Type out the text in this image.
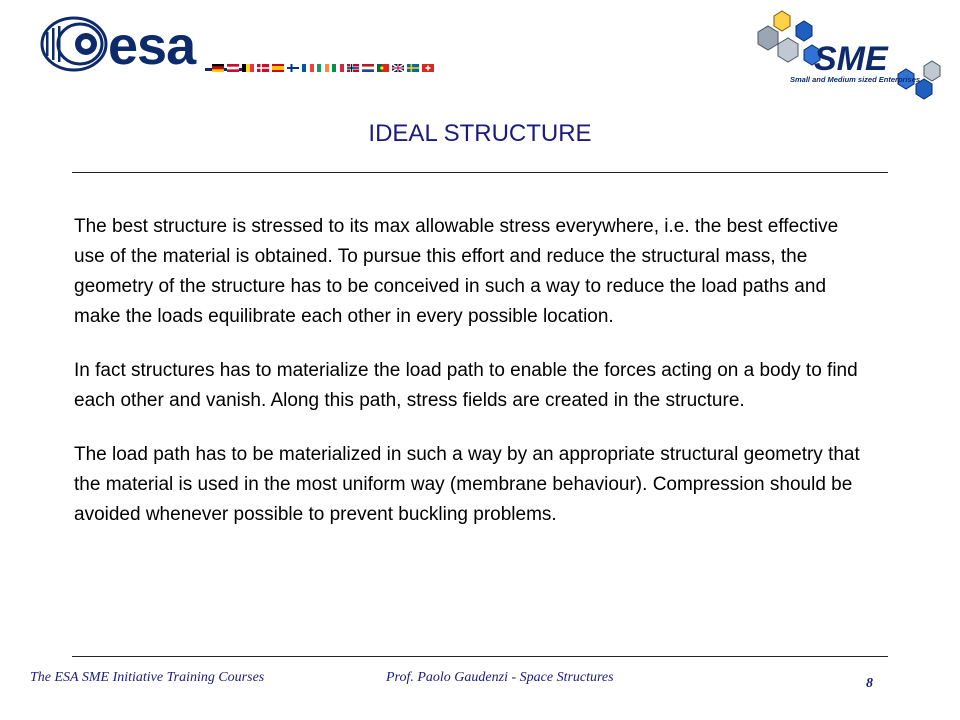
esa	SME
Small and Medium sized Enterprises
IDEAL STRUCTURE

The best structure is stressed to its max allowable stress everywhere, i.e. the best effective use of the material is obtained. To pursue this effort and reduce the structural mass, the geometry of the structure has to be conceived in such a way to reduce the load paths and make the loads equilibrate each other in every possible location.

In fact structures has to materialize the load path to enable the forces acting on a body to find each other and vanish. Along this path, stress fields are created in the structure.

The load path has to be materialized in such a way by an appropriate structural geometry that the material is used in the most uniform way (membrane behaviour). Compression should be avoided whenever possible to prevent buckling problems.

The ESA SME Initiative Training Courses	Prof. Paolo Gaudenzi - Space Structures	8
